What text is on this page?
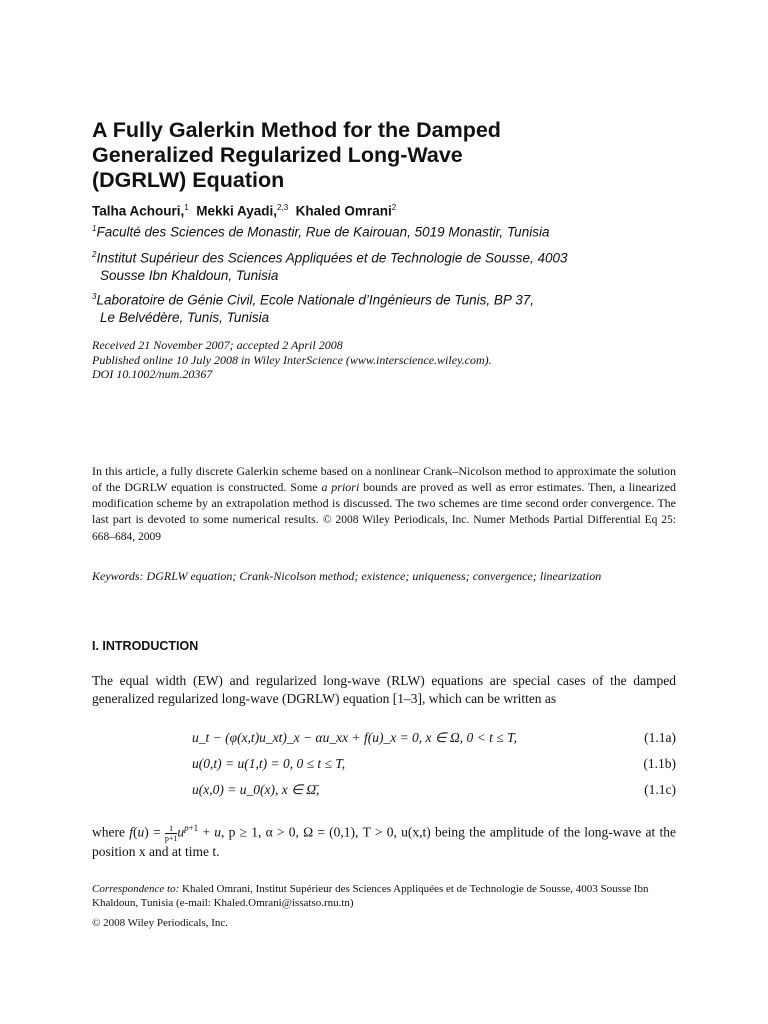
A Fully Galerkin Method for the Damped
Generalized Regularized Long-Wave
(DGRLW) Equation
Talha Achouri,$^1$ Mekki Ayadi,$^{2,3}$ Khaled Omrani$^2$
$^1$Faculté des Sciences de Monastir, Rue de Kairouan, 5019 Monastir, Tunisia
$^2$Institut Supérieur des Sciences Appliquées et de Technologie de Sousse, 4003
Sousse Ibn Khaldoun, Tunisia
$^3$Laboratoire de Génie Civil, Ecole Nationale d’Ingénieurs de Tunis, BP 37,
Le Belvédère, Tunis, Tunisia
Received 21 November 2007; accepted 2 April 2008
Published online 10 July 2008 in Wiley InterScience (www.interscience.wiley.com).
DOI 10.1002/num.20367
In this article, a fully discrete Galerkin scheme based on a nonlinear Crank–Nicolson method to approximate the solution of the DGRLW equation is constructed. Some a priori bounds are proved as well as error estimates. Then, a linearized modification scheme by an extrapolation method is discussed. The two schemes are time second order convergence. The last part is devoted to some numerical results. © 2008 Wiley Periodicals, Inc. Numer Methods Partial Differential Eq 25: 668–684, 2009
Keywords: DGRLW equation; Crank-Nicolson method; existence; uniqueness; convergence; linearization
I. INTRODUCTION
The equal width (EW) and regularized long-wave (RLW) equations are special cases of the damped generalized regularized long-wave (DGRLW) equation [1–3], which can be written as
u_t − (φ(x,t)u_xt)_x − αu_xx + f(u)_x = 0, x ∈ Ω, 0 < t ≤ T,	(1.1a)
u(0,t) = u(1,t) = 0, 0 ≤ t ≤ T,	(1.1b)
u(x,0) = u_0(x), x ∈ Ω̄,	(1.1c)
where $f(u) = \frac{1}{p+1} u^{p+1} + u$, p ≥ 1, α > 0, Ω = (0,1), T > 0, u(x,t) being the amplitude of the long-wave at the position x and at time t.
Correspondence to: Khaled Omrani, Institut Supérieur des Sciences Appliquées et de Technologie de Sousse, 4003 Sousse Ibn Khaldoun, Tunisia (e-mail: Khaled.Omrani@issatso.rnu.tn)
© 2008 Wiley Periodicals, Inc.
